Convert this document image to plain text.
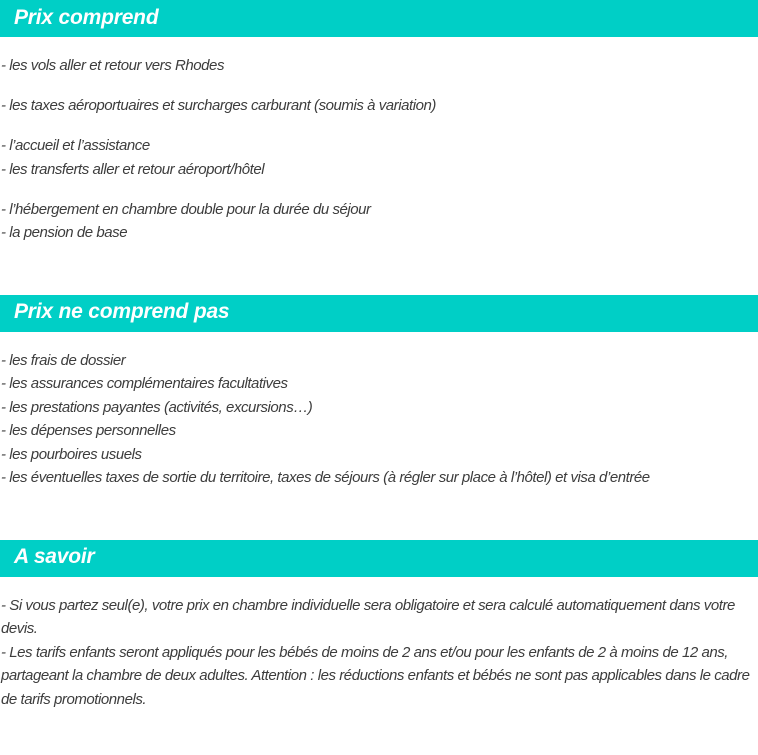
Prix comprend

- les vols aller et retour vers Rhodes

- les taxes aéroportuaires et surcharges carburant (soumis à variation)

- l’accueil et l’assistance

- les transferts aller et retour aéroport/hôtel

- l’hébergement en chambre double pour la durée du séjour

- la pension de base

Prix ne comprend pas

- les frais de dossier

- les assurances complémentaires facultatives

- les prestations payantes (activités, excursions…)

- les dépenses personnelles

- les pourboires usuels

- les éventuelles taxes de sortie du territoire, taxes de séjours (à régler sur place à l’hôtel) et visa d’entrée

A savoir

- Si vous partez seul(e), votre prix en chambre individuelle sera obligatoire et sera calculé automatiquement dans votre devis.

- Les tarifs enfants seront appliqués pour les bébés de moins de 2 ans et/ou pour les enfants de 2 à moins de 12 ans, partageant la chambre de deux adultes. Attention : les réductions enfants et bébés ne sont pas applicables dans le cadre de tarifs promotionnels.
